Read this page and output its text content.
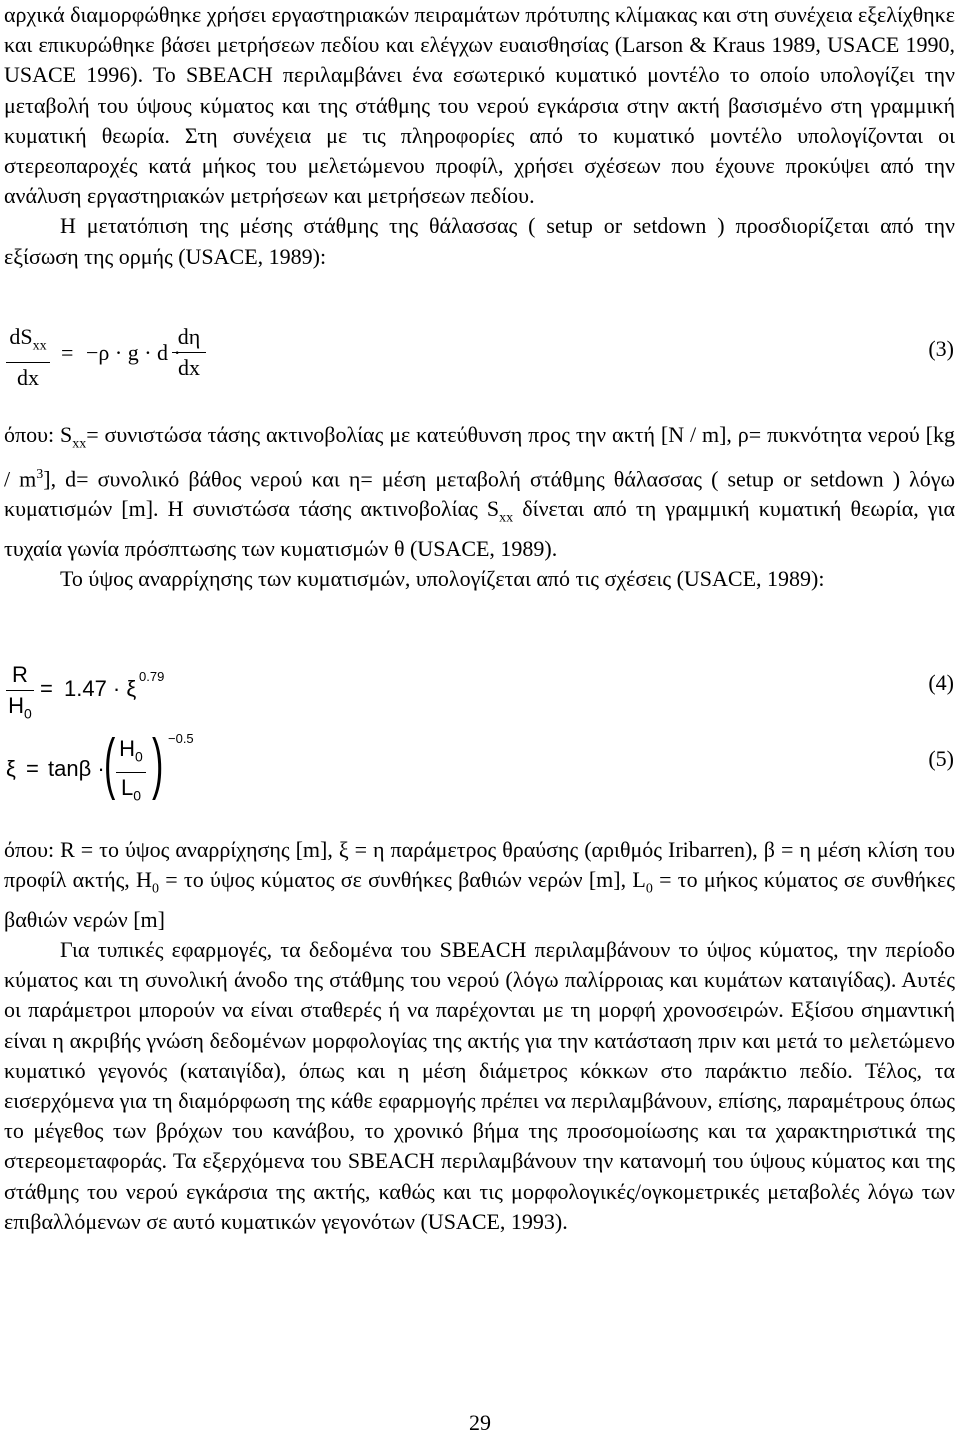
αρχικά διαμορφώθηκε χρήσει εργαστηριακών πειραμάτων πρότυπης κλίμακας και στη συνέχεια εξελίχθηκε και επικυρώθηκε βάσει μετρήσεων πεδίου και ελέγχων ευαισθησίας (Larson & Kraus 1989, USACE 1990, USACE 1996). Το SBEACH περιλαμβάνει ένα εσωτερικό κυματικό μοντέλο το οποίο υπολογίζει την μεταβολή του ύψους κύματος και της στάθμης του νερού εγκάρσια στην ακτή βασισμένο στη γραμμική κυματική θεωρία. Στη συνέχεια με τις πληροφορίες από το κυματικό μοντέλο υπολογίζονται οι στερεοπαροχές κατά μήκος του μελετώμενου προφίλ, χρήσει σχέσεων που έχουνε προκύψει από την ανάλυση εργαστηριακών μετρήσεων και μετρήσεων πεδίου.

Η μετατόπιση της μέσης στάθμης της θάλασσας ( setup or setdown ) προσδιορίζεται από την εξίσωση της ορμής (USACE, 1989):

$dS_{xx}$
dx
= −ρ · g · d ·
$\frac{d\eta}{dx}$	(3)

όπου: $S_{xx}= \sigma\upsilon\nu\iota\sigma\tau ώ\sigma\alpha$ τάσης ακτινοβολίας με κατεύθυνση προς την ακτή [N / m], ρ= πυκνότητα νερού $[kg / m^3]$, d= συνολικό βάθος νερού και η= μέση μεταβολή στάθμης θάλασσας ( setup or setdown ) λόγω κυματισμών [m]. Η συνιστώσα τάσης ακτινοβολίας $S_{xx}$ δίνεται από τη γραμμική κυματική θεωρία, για τυχαία γωνία πρόσπτωσης των κυματισμών θ (USACE, 1989).

Το ύψος αναρρίχησης των κυματισμών, υπολογίζεται από τις σχέσεις (USACE, 1989):

$\frac{R}{H_0} = 1.47 \cdot \xi$ 0.79	(4)
ξ = tanβ · ( $\frac{H_0}{L_0}$ ) −0.5
(5)

όπου: R = το ύψος αναρρίχησης [m], ξ = η παράμετρος θραύσης (αριθμός Iribarren), β = η μέση κλίση του προφίλ ακτής, $H_0 = \tau o$ ύψος κύματος σε συνθήκες βαθιών νερών [m], $L_0 = \tau o$ μήκος κύματος σε συνθήκες βαθιών νερών [m]

Για τυπικές εφαρμογές, τα δεδομένα του SBEACH περιλαμβάνουν το ύψος κύματος, την περίοδο κύματος και τη συνολική άνοδο της στάθμης του νερού (λόγω παλίρροιας και κυμάτων καταιγίδας). Αυτές οι παράμετροι μπορούν να είναι σταθερές ή να παρέχονται με τη μορφή χρονοσειρών. Εξίσου σημαντική είναι η ακριβής γνώση δεδομένων μορφολογίας της ακτής για την κατάσταση πριν και μετά το μελετώμενο κυματικό γεγονός (καταιγίδα), όπως και η μέση διάμετρος κόκκων στο παράκτιο πεδίο. Τέλος, τα εισερχόμενα για τη διαμόρφωση της κάθε εφαρμογής πρέπει να περιλαμβάνουν, επίσης, παραμέτρους όπως το μέγεθος των βρόχων του κανάβου, το χρονικό βήμα της προσομοίωσης και τα χαρακτηριστικά της στερεομεταφοράς. Τα εξερχόμενα του SBEACH περιλαμβάνουν την κατανομή του ύψους κύματος και της στάθμης του νερού εγκάρσια της ακτής, καθώς και τις μορφολογικές/ογκομετρικές μεταβολές λόγω των επιβαλλόμενων σε αυτό κυματικών γεγονότων (USACE, 1993).

29
